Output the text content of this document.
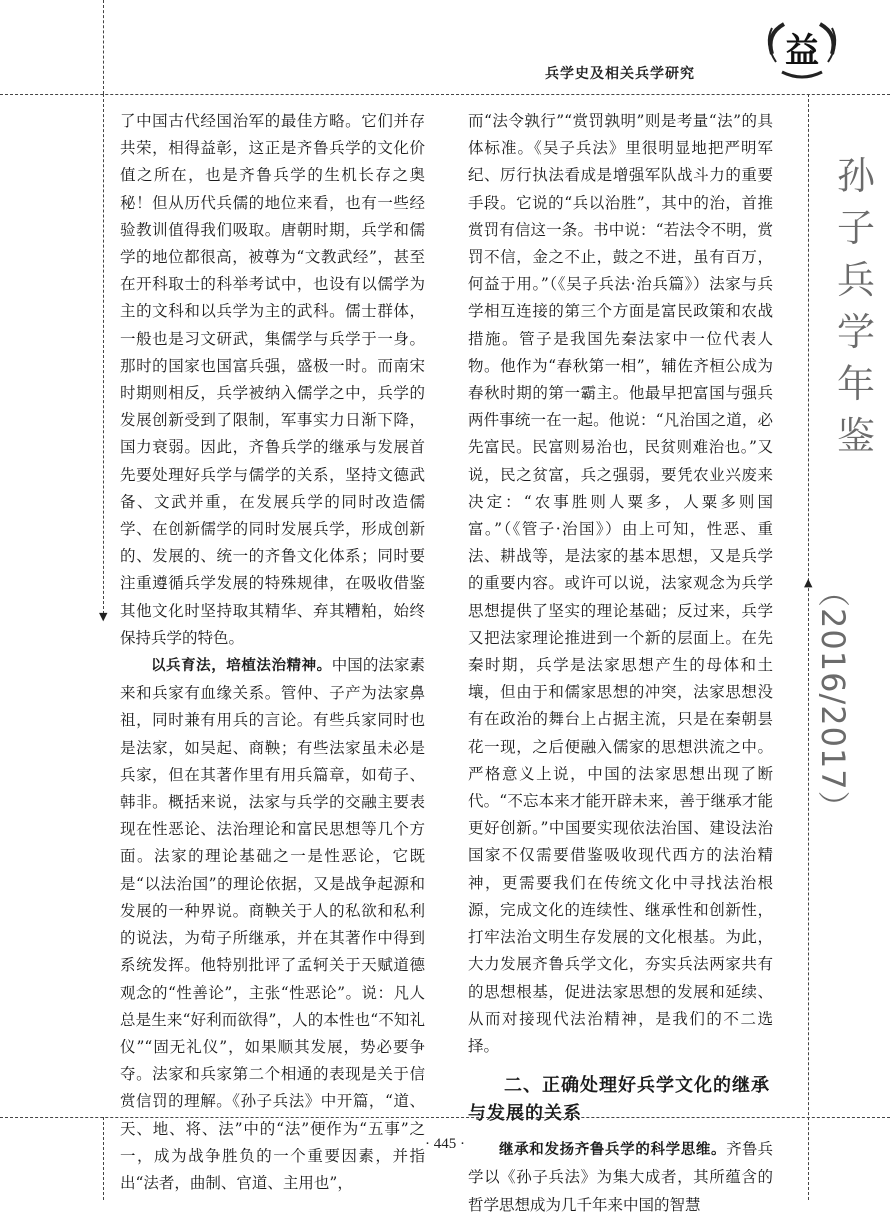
▼
▲
兵学史及相关兵学研究
益

了中国古代经国治军的最佳方略。它们并存共荣，相得益彰，这正是齐鲁兵学的文化价值之所在，也是齐鲁兵学的生机长存之奥秘！但从历代兵儒的地位来看，也有一些经验教训值得我们吸取。唐朝时期，兵学和儒学的地位都很高，被尊为“文教武经”，甚至在开科取士的科举考试中，也设有以儒学为主的文科和以兵学为主的武科。儒士群体，一般也是习文研武，集儒学与兵学于一身。那时的国家也国富兵强，盛极一时。而南宋时期则相反，兵学被纳入儒学之中，兵学的发展创新受到了限制，军事实力日渐下降，国力衰弱。因此，齐鲁兵学的继承与发展首先要处理好兵学与儒学的关系，坚持文德武备、文武并重，在发展兵学的同时改造儒学、在创新儒学的同时发展兵学，形成创新的、发展的、统一的齐鲁文化体系；同时要注重遵循兵学发展的特殊规律，在吸收借鉴其他文化时坚持取其精华、弃其糟粕，始终保持兵学的特色。

以兵育法，培植法治精神。中国的法家素来和兵家有血缘关系。管仲、子产为法家鼻祖，同时兼有用兵的言论。有些兵家同时也是法家，如吴起、商鞅；有些法家虽未必是兵家，但在其著作里有用兵篇章，如荀子、韩非。概括来说，法家与兵学的交融主要表现在性恶论、法治理论和富民思想等几个方面。法家的理论基础之一是性恶论，它既是“以法治国”的理论依据，又是战争起源和发展的一种界说。商鞅关于人的私欲和私利的说法，为荀子所继承，并在其著作中得到系统发挥。他特别批评了孟轲关于天赋道德观念的“性善论”，主张“性恶论”。说：凡人总是生来“好利而欲得”，人的本性也“不知礼仪”“固无礼仪”，如果顺其发展，势必要争夺。法家和兵家第二个相通的表现是关于信赏信罚的理解。《孙子兵法》中开篇，“道、天、地、将、法”中的“法”便作为“五事”之一，成为战争胜负的一个重要因素，并指出“法者，曲制、官道、主用也”，

而“法令孰行”“赏罚孰明”则是考量“法”的具体标准。《吴子兵法》里很明显地把严明军纪、厉行执法看成是增强军队战斗力的重要手段。它说的“兵以治胜”，其中的治，首推赏罚有信这一条。书中说：“若法令不明，赏罚不信，金之不止，鼓之不进，虽有百万，何益于用。”（《吴子兵法·治兵篇》）法家与兵学相互连接的第三个方面是富民政策和农战措施。管子是我国先秦法家中一位代表人物。他作为“春秋第一相”，辅佐齐桓公成为春秋时期的第一霸主。他最早把富国与强兵两件事统一在一起。他说：“凡治国之道，必先富民。民富则易治也，民贫则难治也。”又说，民之贫富，兵之强弱，要凭农业兴废来决定：“农事胜则人粟多，人粟多则国富。”（《管子·治国》）由上可知，性恶、重法、耕战等，是法家的基本思想，又是兵学的重要内容。或许可以说，法家观念为兵学思想提供了坚实的理论基础；反过来，兵学又把法家理论推进到一个新的层面上。在先秦时期，兵学是法家思想产生的母体和土壤，但由于和儒家思想的冲突，法家思想没有在政治的舞台上占据主流，只是在秦朝昙花一现，之后便融入儒家的思想洪流之中。严格意义上说，中国的法家思想出现了断代。“不忘本来才能开辟未来，善于继承才能更好创新。”中国要实现依法治国、建设法治国家不仅需要借鉴吸收现代西方的法治精神，更需要我们在传统文化中寻找法治根源，完成文化的连续性、继承性和创新性，打牢法治文明生存发展的文化根基。为此，大力发展齐鲁兵学文化，夯实兵法两家共有的思想根基，促进法家思想的发展和延续、从而对接现代法治精神，是我们的不二选择。

二、正确处理好兵学文化的继承与发展的关系

继承和发扬齐鲁兵学的科学思维。齐鲁兵学以《孙子兵法》为集大成者，其所蕴含的哲学思想成为几千年来中国的智慧

孙
子
兵
学
年
鉴
（2016/2017）
· 445 ·
